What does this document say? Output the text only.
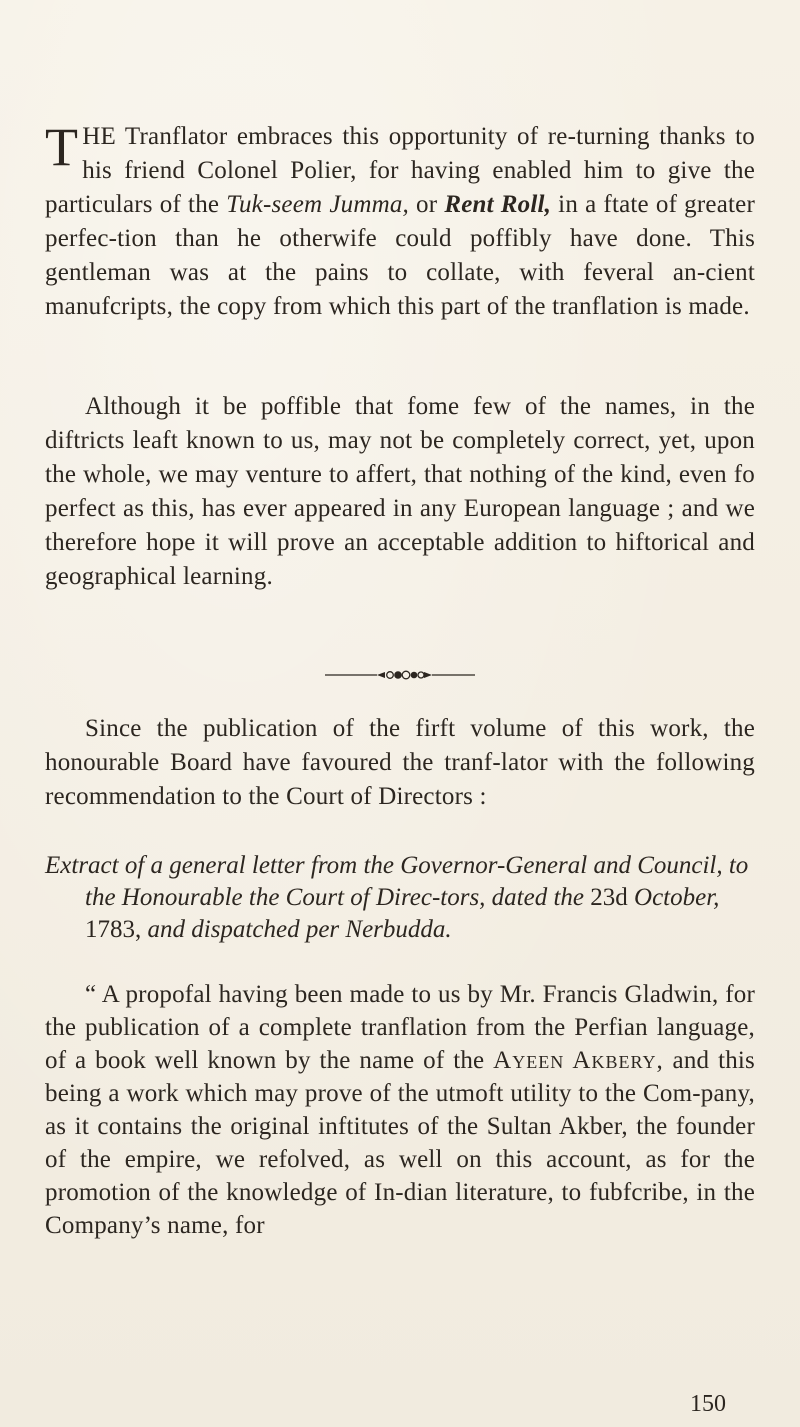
THE Tranflator embraces this opportunity of re-turning thanks to his friend Colonel Polier, for having enabled him to give the particulars of the Tuk-seem Jumma, or Rent Roll, in a ftate of greater perfec-tion than he otherwife could poffibly have done. This gentleman was at the pains to collate, with feveral an-cient manufcripts, the copy from which this part of the tranflation is made.
Although it be poffible that fome few of the names, in the diftricts leaft known to us, may not be completely correct, yet, upon the whole, we may venture to affert, that nothing of the kind, even fo perfect as this, has ever appeared in any European language ; and we therefore hope it will prove an acceptable addition to hiftorical and geographical learning.
Since the publication of the firft volume of this work, the honourable Board have favoured the tranf-lator with the following recommendation to the Court of Directors :
Extract of a general letter from the Governor-General and Council, to the Honourable the Court of Direc-tors, dated the 23d October, 1783, and dispatched per Nerbudda.
“ A propofal having been made to us by Mr. Francis Gladwin, for the publication of a complete tranflation from the Perfian language, of a book well known by the name of the Ayeen Akbery, and this being a work which may prove of the utmoft utility to the Com-pany, as it contains the original inftitutes of the Sultan Akber, the founder of the empire, we refolved, as well on this account, as for the promotion of the knowledge of In-dian literature, to fubfcribe, in the Company’s name, for
150
